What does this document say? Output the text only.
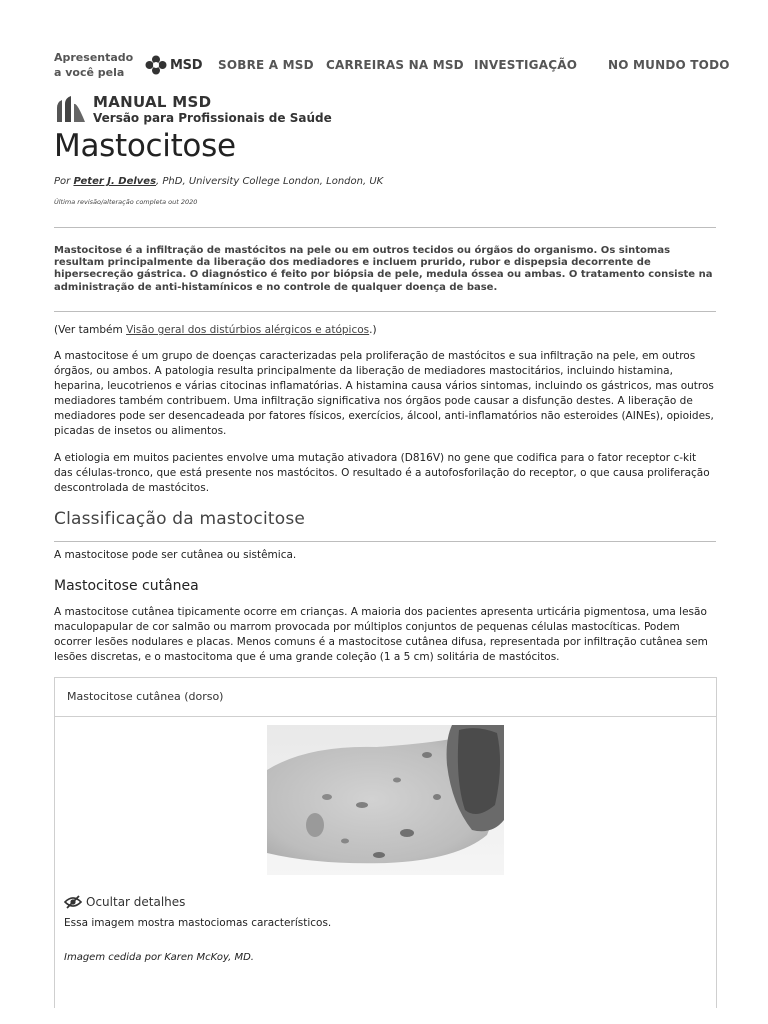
Apresentado a você pela	MSD SOBRE A MSD CARREIRAS NA MSD INVESTIGAÇÃO	NO MUNDO TODO
MANUAL MSD
Versão para Profissionais de Saúde
Mastocitose
Por Peter J. Delves, PhD, University College London, London, UK
Última revisão/alteração completa out 2020
Mastocitose é a infiltração de mastócitos na pele ou em outros tecidos ou órgãos do organismo. Os sintomas resultam principalmente da liberação dos mediadores e incluem prurido, rubor e dispepsia decorrente de hipersecreção gástrica. O diagnóstico é feito por biópsia de pele, medula óssea ou ambas. O tratamento consiste na administração de anti-histamínicos e no controle de qualquer doença de base.
(Ver também Visão geral dos distúrbios alérgicos e atópicos.)
A mastocitose é um grupo de doenças caracterizadas pela proliferação de mastócitos e sua infiltração na pele, em outros órgãos, ou ambos. A patologia resulta principalmente da liberação de mediadores mastocitários, incluindo histamina, heparina, leucotrienos e várias citocinas inflamatórias. A histamina causa vários sintomas, incluindo os gástricos, mas outros mediadores também contribuem. Uma infiltração significativa nos órgãos pode causar a disfunção destes. A liberação de mediadores pode ser desencadeada por fatores físicos, exercícios, álcool, anti-inflamatórios não esteroides (AINEs), opioides, picadas de insetos ou alimentos.
A etiologia em muitos pacientes envolve uma mutação ativadora (D816V) no gene que codifica para o fator receptor c-kit das células-tronco, que está presente nos mastócitos. O resultado é a autofosforilação do receptor, o que causa proliferação descontrolada de mastócitos.
Classificação da mastocitose
A mastocitose pode ser cutânea ou sistêmica.
Mastocitose cutânea
A mastocitose cutânea tipicamente ocorre em crianças. A maioria dos pacientes apresenta urticária pigmentosa, uma lesão maculopapular de cor salmão ou marrom provocada por múltiplos conjuntos de pequenas células mastocíticas. Podem ocorrer lesões nodulares e placas. Menos comuns é a mastocitose cutânea difusa, representada por infiltração cutânea sem lesões discretas, e o mastocitoma que é uma grande coleção (1 a 5 cm) solitária de mastócitos.
Mastocitose cutânea (dorso)
Ocultar detalhes
Essa imagem mostra mastociomas característicos.
Imagem cedida por Karen McKoy, MD.
